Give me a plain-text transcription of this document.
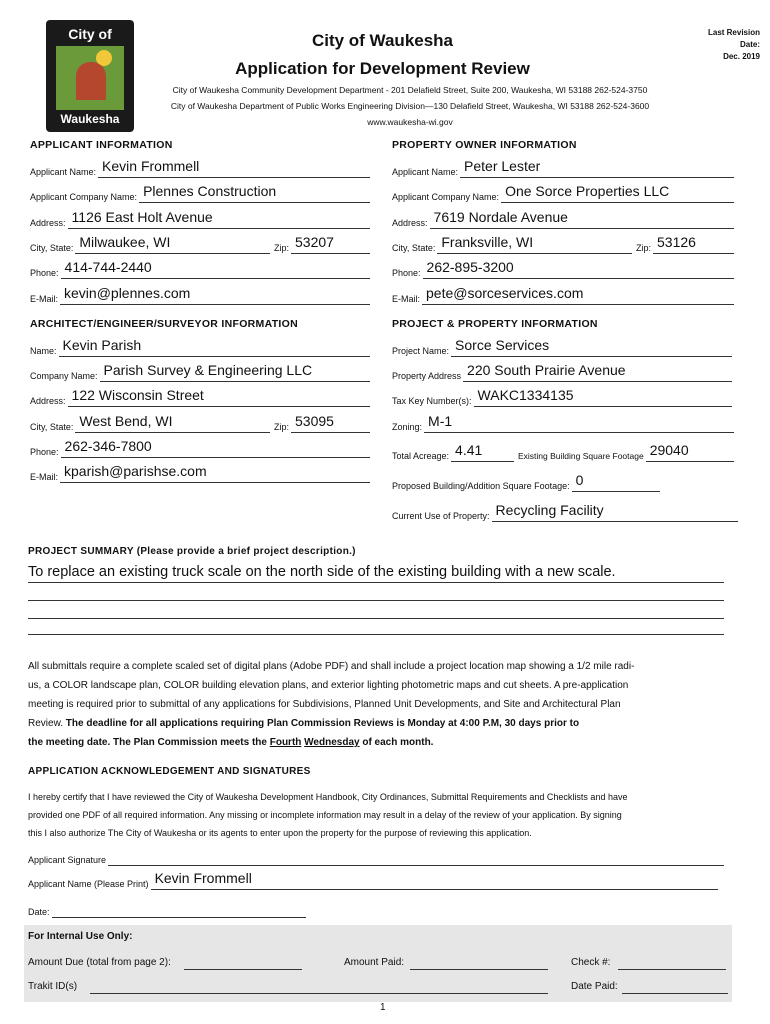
City of
Waukesha
City of Waukesha
Application for Development Review
Last Revision
Date:
Dec. 2019
City of Waukesha Community Development Department - 201 Delafield Street, Suite 200, Waukesha, WI 53188 262-524-3750
City of Waukesha Department of Public Works Engineering Division—130 Delafield Street, Waukesha, WI 53188 262-524-3600
www.waukesha-wi.gov
APPLICANT INFORMATION
Applicant Name: Kevin Frommell
Applicant Company Name: Plennes Construction
Address: 1126 East Holt Avenue
City, State: Milwaukee, WI	Zip: 53207
Phone: 414-744-2440
E-Mail: kevin@plennes.com
PROPERTY OWNER INFORMATION
Applicant Name: Peter Lester
Applicant Company Name: One Sorce Properties LLC
Address: 7619 Nordale Avenue
City, State: Franksville, WI	Zip: 53126
Phone: 262-895-3200
E-Mail: pete@sorceservices.com
ARCHITECT/ENGINEER/SURVEYOR INFORMATION
Name: Kevin Parish
Company Name: Parish Survey & Engineering LLC
Address: 122 Wisconsin Street
City, State: West Bend, WI	Zip: 53095
Phone: 262-346-7800
E-Mail: kparish@parishse.com
PROJECT & PROPERTY INFORMATION
Project Name: Sorce Services
Property Address 220 South Prairie Avenue
Tax Key Number(s): WAKC1334135
Zoning: M-1
Total Acreage: 4.41	Existing Building Square Footage 29040
Proposed Building/Addition Square Footage: 0
Current Use of Property: Recycling Facility
PROJECT SUMMARY (Please provide a brief project description.)
To replace an existing truck scale on the north side of the existing building with a new scale.
All submittals require a complete scaled set of digital plans (Adobe PDF) and shall include a project location map showing a 1/2 mile radi-
us, a COLOR landscape plan, COLOR building elevation plans, and exterior lighting photometric maps and cut sheets. A pre-application
meeting is required prior to submittal of any applications for Subdivisions, Planned Unit Developments, and Site and Architectural Plan
Review. The deadline for all applications requiring Plan Commission Reviews is Monday at 4:00 P.M, 30 days prior to
the meeting date. The Plan Commission meets the Fourth Wednesday of each month.
APPLICATION ACKNOWLEDGEMENT AND SIGNATURES
I hereby certify that I have reviewed the City of Waukesha Development Handbook, City Ordinances, Submittal Requirements and Checklists and have
provided one PDF of all required information. Any missing or incomplete information may result in a delay of the review of your application. By signing
this I also authorize The City of Waukesha or its agents to enter upon the property for the purpose of reviewing this application.
Applicant Signature
Applicant Name (Please Print) Kevin Frommell
Date:
For Internal Use Only:
Amount Due (total from page 2):	Amount Paid:	Check #:
Trakit ID(s)	Date Paid:
1
